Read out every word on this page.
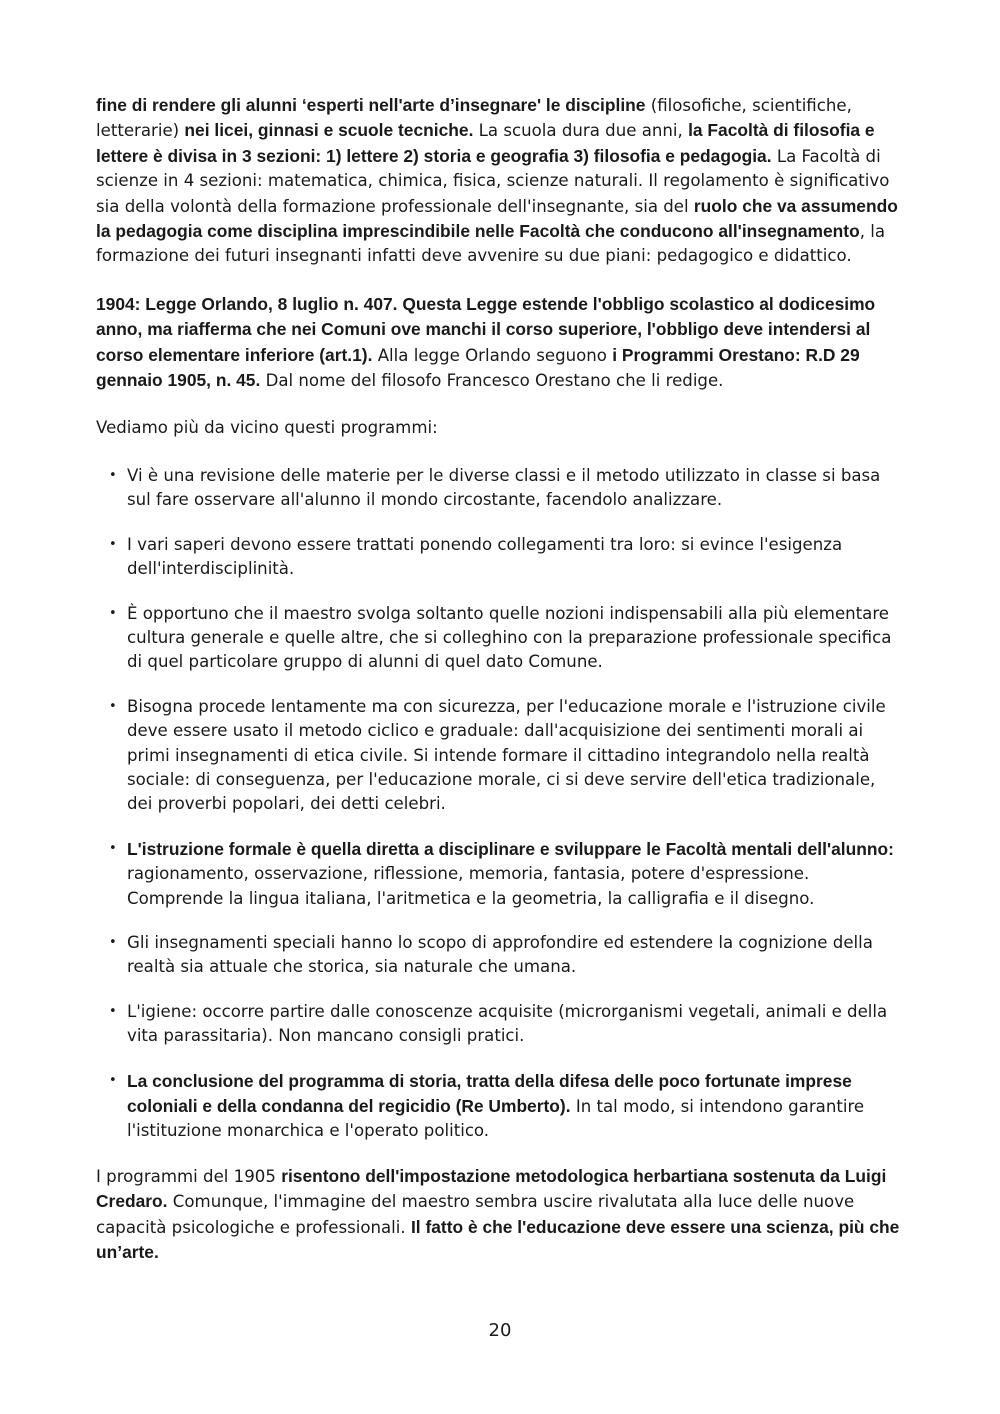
fine di rendere gli alunni ‘esperti nell'arte d’insegnare' le discipline (filosofiche, scientifiche, letterarie) nei licei, ginnasi e scuole tecniche. La scuola dura due anni, la Facoltà di filosofia e lettere è divisa in 3 sezioni: 1) lettere 2) storia e geografia 3) filosofia e pedagogia. La Facoltà di scienze in 4 sezioni: matematica, chimica, fisica, scienze naturali. Il regolamento è significativo sia della volontà della formazione professionale dell'insegnante, sia del ruolo che va assumendo la pedagogia come disciplina imprescindibile nelle Facoltà che conducono all'insegnamento, la formazione dei futuri insegnanti infatti deve avvenire su due piani: pedagogico e didattico.

1904: Legge Orlando, 8 luglio n. 407. Questa Legge estende l'obbligo scolastico al dodicesimo anno, ma riafferma che nei Comuni ove manchi il corso superiore, l'obbligo deve intendersi al corso elementare inferiore (art.1). Alla legge Orlando seguono i Programmi Orestano: R.D 29 gennaio 1905, n. 45. Dal nome del filosofo Francesco Orestano che li redige.

Vediamo più da vicino questi programmi:

• Vi è una revisione delle materie per le diverse classi e il metodo utilizzato in classe si basa sul fare osservare all'alunno il mondo circostante, facendolo analizzare.
• I vari saperi devono essere trattati ponendo collegamenti tra loro: si evince l'esigenza dell'interdisciplinità.
• È opportuno che il maestro svolga soltanto quelle nozioni indispensabili alla più elementare cultura generale e quelle altre, che si colleghino con la preparazione professionale specifica di quel particolare gruppo di alunni di quel dato Comune.
• Bisogna procede lentamente ma con sicurezza, per l'educazione morale e l'istruzione civile deve essere usato il metodo ciclico e graduale: dall'acquisizione dei sentimenti morali ai primi insegnamenti di etica civile. Si intende formare il cittadino integrandolo nella realtà sociale: di conseguenza, per l'educazione morale, ci si deve servire dell'etica tradizionale, dei proverbi popolari, dei detti celebri.
• L'istruzione formale è quella diretta a disciplinare e sviluppare le Facoltà mentali dell'alunno: ragionamento, osservazione, riflessione, memoria, fantasia, potere d'espressione. Comprende la lingua italiana, l'aritmetica e la geometria, la calligrafia e il disegno.
• Gli insegnamenti speciali hanno lo scopo di approfondire ed estendere la cognizione della realtà sia attuale che storica, sia naturale che umana.
• L'igiene: occorre partire dalle conoscenze acquisite (microrganismi vegetali, animali e della vita parassitaria). Non mancano consigli pratici.
• La conclusione del programma di storia, tratta della difesa delle poco fortunate imprese coloniali e della condanna del regicidio (Re Umberto). In tal modo, si intendono garantire l'istituzione monarchica e l'operato politico.

I programmi del 1905 risentono dell'impostazione metodologica herbartiana sostenuta da Luigi Credaro. Comunque, l'immagine del maestro sembra uscire rivalutata alla luce delle nuove capacità psicologiche e professionali. Il fatto è che l'educazione deve essere una scienza, più che un’arte.

20
